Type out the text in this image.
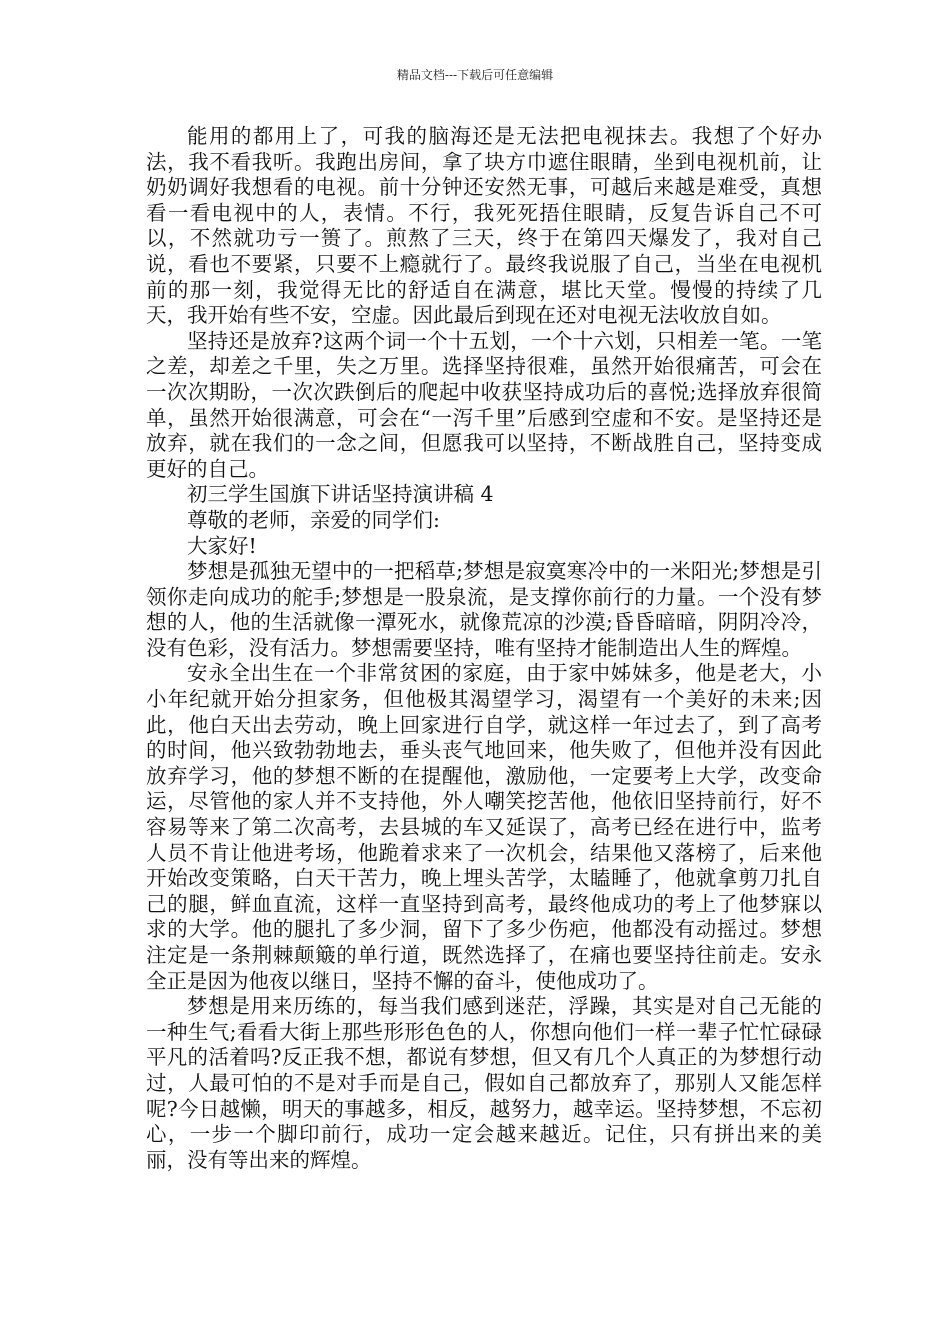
精品文档---下载后可任意编辑

能用的都用上了，可我的脑海还是无法把电视抹去。我想了个好办法，我不看我听。我跑出房间，拿了块方巾遮住眼睛，坐到电视机前，让奶奶调好我想看的电视。前十分钟还安然无事，可越后来越是难受，真想看一看电视中的人，表情。不行，我死死捂住眼睛，反复告诉自己不可以，不然就功亏一篑了。煎熬了三天，终于在第四天爆发了，我对自己说，看也不要紧，只要不上瘾就行了。最终我说服了自己，当坐在电视机前的那一刻，我觉得无比的舒适自在满意，堪比天堂。慢慢的持续了几天，我开始有些不安，空虚。因此最后到现在还对电视无法收放自如。

坚持还是放弃?这两个词一个十五划，一个十六划，只相差一笔。一笔之差，却差之千里，失之万里。选择坚持很难，虽然开始很痛苦，可会在一次次期盼，一次次跌倒后的爬起中收获坚持成功后的喜悦;选择放弃很简单，虽然开始很满意，可会在“一泻千里”后感到空虚和不安。是坚持还是放弃，就在我们的一念之间，但愿我可以坚持，不断战胜自己，坚持变成更好的自己。

初三学生国旗下讲话坚持演讲稿 4

尊敬的老师，亲爱的同学们:

大家好!

梦想是孤独无望中的一把稻草;梦想是寂寞寒冷中的一米阳光;梦想是引领你走向成功的舵手;梦想是一股泉流，是支撑你前行的力量。一个没有梦想的人，他的生活就像一潭死水，就像荒凉的沙漠;昏昏暗暗，阴阴冷冷，没有色彩，没有活力。梦想需要坚持，唯有坚持才能制造出人生的辉煌。

安永全出生在一个非常贫困的家庭，由于家中姊妹多，他是老大，小小年纪就开始分担家务，但他极其渴望学习，渴望有一个美好的未来;因此，他白天出去劳动，晚上回家进行自学，就这样一年过去了，到了高考的时间，他兴致勃勃地去，垂头丧气地回来，他失败了，但他并没有因此放弃学习，他的梦想不断的在提醒他，激励他，一定要考上大学，改变命运，尽管他的家人并不支持他，外人嘲笑挖苦他，他依旧坚持前行，好不容易等来了第二次高考，去县城的车又延误了，高考已经在进行中，监考人员不肯让他进考场，他跪着求来了一次机会，结果他又落榜了，后来他开始改变策略，白天干苦力，晚上埋头苦学，太瞌睡了，他就拿剪刀扎自己的腿，鲜血直流，这样一直坚持到高考，最终他成功的考上了他梦寐以求的大学。他的腿扎了多少洞，留下了多少伤疤，他都没有动摇过。梦想注定是一条荆棘颠簸的单行道，既然选择了，在痛也要坚持往前走。安永全正是因为他夜以继日，坚持不懈的奋斗，使他成功了。

梦想是用来历练的，每当我们感到迷茫，浮躁，其实是对自己无能的一种生气;看看大街上那些形形色色的人，你想向他们一样一辈子忙忙碌碌平凡的活着吗?反正我不想，都说有梦想，但又有几个人真正的为梦想行动过，人最可怕的不是对手而是自己，假如自己都放弃了，那别人又能怎样呢?今日越懒，明天的事越多，相反，越努力，越幸运。坚持梦想，不忘初心，一步一个脚印前行，成功一定会越来越近。记住，只有拼出来的美丽，没有等出来的辉煌。
